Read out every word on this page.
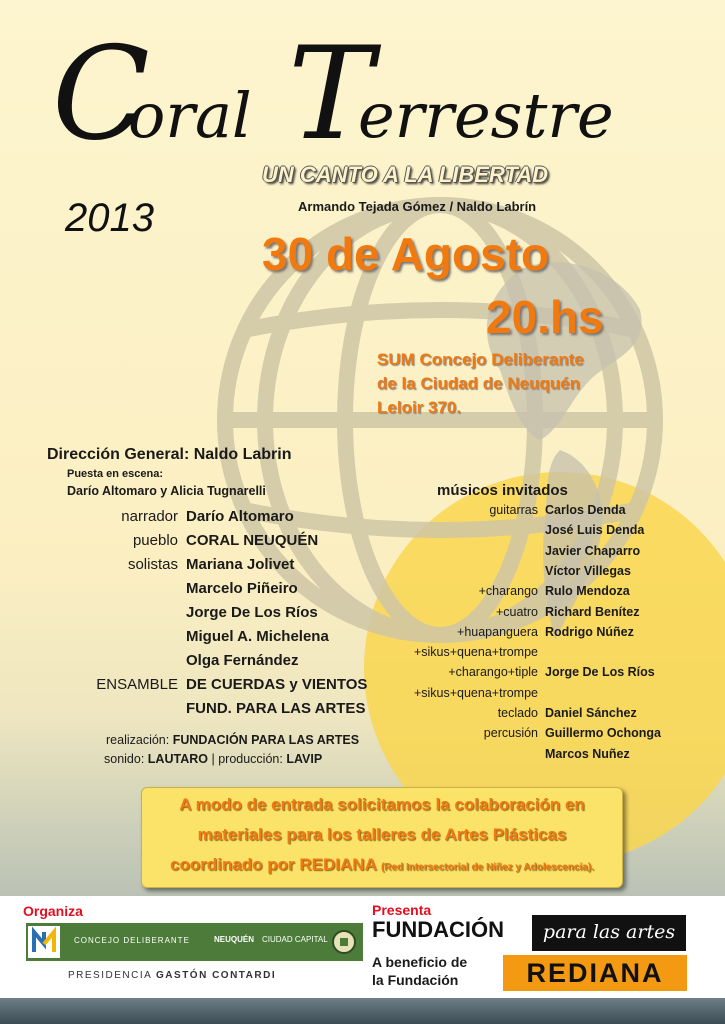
C
oral T
errestre
2013
UN CANTO A LA LIBERTAD
Armando Tejada Gómez / Naldo Labrín
30 de Agosto
20.hs
SUM Concejo Deliberante
de la Ciudad de Neuquén
Leloir 370.
Dirección General: Naldo Labrin
Puesta en escena:
Darío Altomaro y Alicia Tugnarelli
narrador Darío Altomaro
pueblo CORAL NEUQUÉN
solistas Mariana Jolivet
Marcelo Piñeiro
Jorge De Los Ríos
Miguel A. Michelena
Olga Fernández
ENSAMBLE DE CUERDAS y VIENTOS
FUND. PARA LAS ARTES
realización: FUNDACIÓN PARA LAS ARTES
sonido: LAUTARO | producción: LAVIP
músicos invitados
guitarras Carlos Denda
José Luis Denda
Javier Chaparro
Víctor Villegas
+charango Rulo Mendoza
+cuatro Richard Benítez
+huapanguera Rodrigo Núñez
+sikus+quena+trompe
+charango+tiple Jorge De Los Ríos
+sikus+quena+trompe
teclado Daniel Sánchez
percusión Guillermo Ochonga
Marcos Nuñez
A modo de entrada solicitamos la colaboración en
materiales para los talleres de Artes Plásticas
coordinado por REDIANA (Red Intersectorial de Niñez y Adolescencia).
Organiza
CONCEJO DELIBERANTE	NEUQUÉN CIUDAD CAPITAL
PRESIDENCIA GASTÓN CONTARDI
Presenta
FUNDACIÓN	para las artes
A beneficio de
la Fundación	REDIANA
